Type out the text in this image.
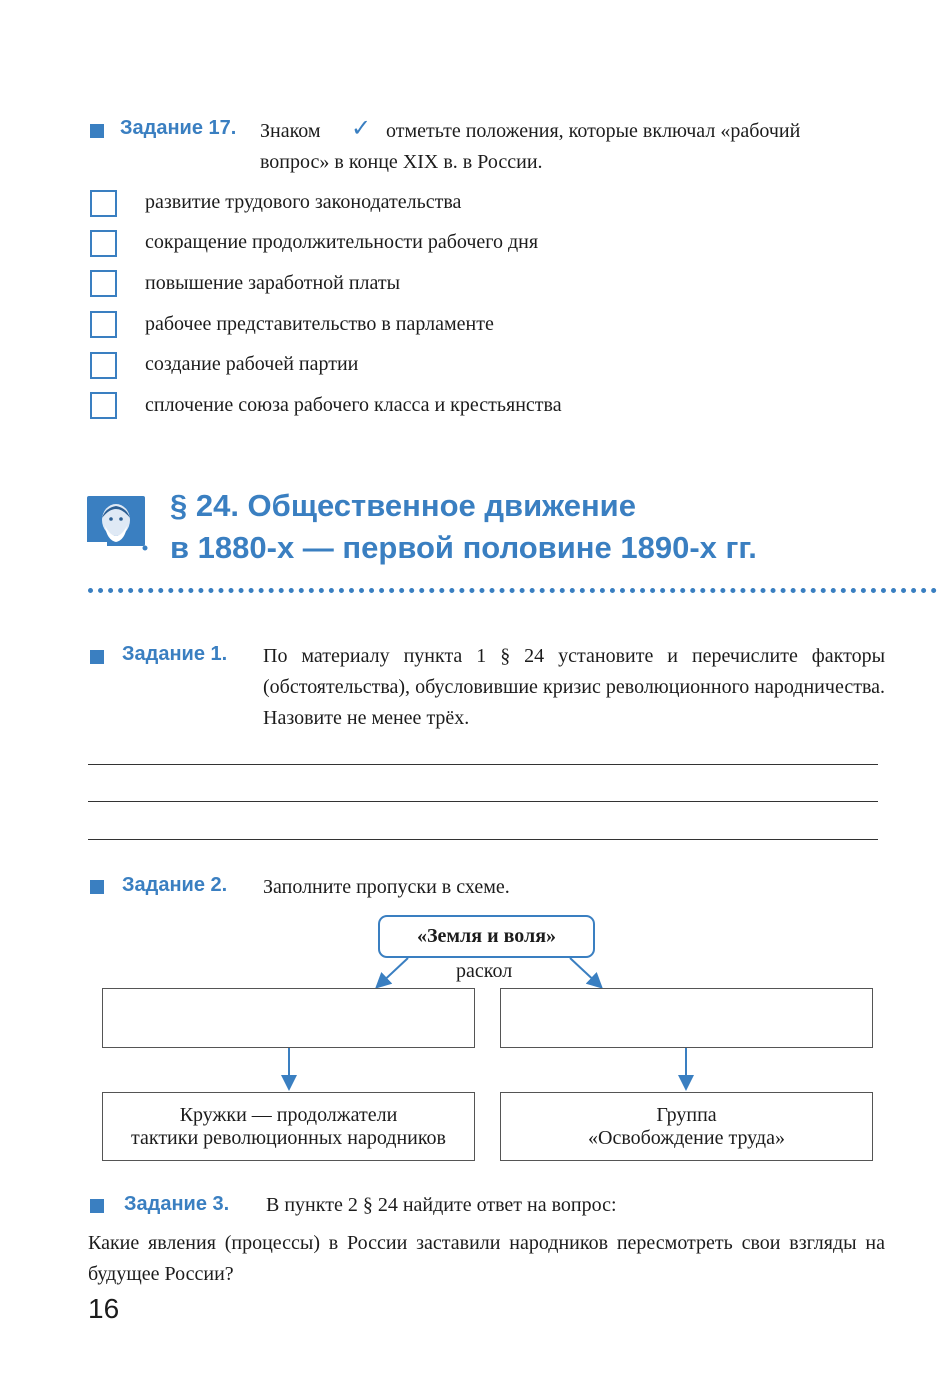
Задание 17. Знаком ✓ отметьте положения, которые включал «рабочий
вопрос» в конце XIX в. в России.
развитие трудового законодательства
сокращение продолжительности рабочего дня
повышение заработной платы
рабочее представительство в парламенте
создание рабочей партии
сплочение союза рабочего класса и крестьянства
§ 24. Общественное движение
в 1880-х — первой половине 1890-х гг.
Задание 1. По материалу пункта 1 § 24 установите и перечислите факторы (обстоятельства), обусловившие кризис революционного народничества. Назовите не менее трёх.
Задание 2. Заполните пропуски в схеме.
«Земля и воля»
раскол
Кружки — продолжатели
тактики революционных народников
Группа
«Освобождение труда»
Задание 3. В пункте 2 § 24 найдите ответ на вопрос:
Какие явления (процессы) в России заставили народников пересмотреть свои взгляды на будущее России?
16
